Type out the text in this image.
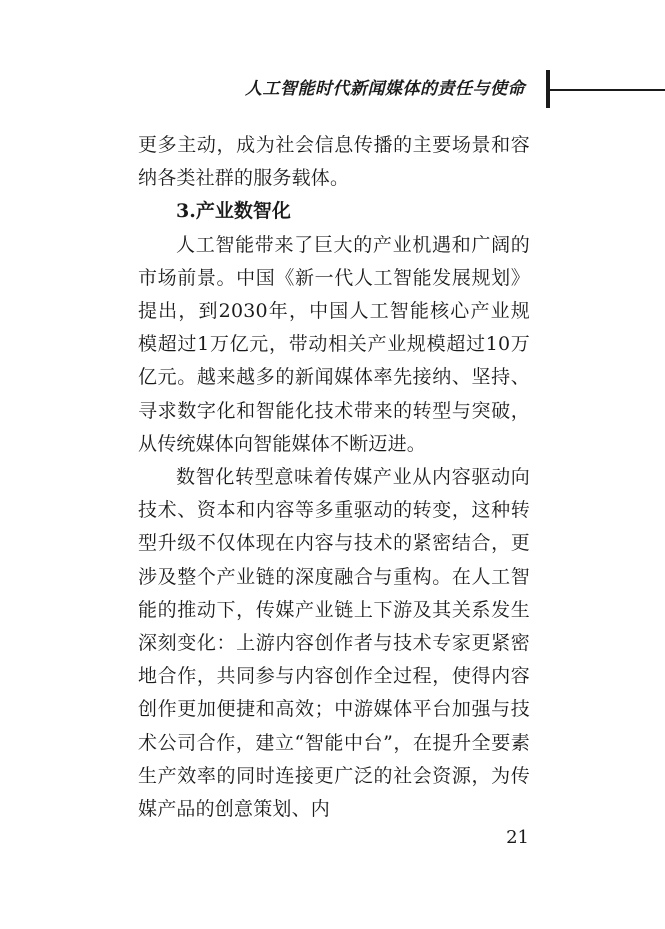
人工智能时代新闻媒体的责任与使命

更多主动，成为社会信息传播的主要场景和容纳各类社群的服务载体。

3.产业数智化

人工智能带来了巨大的产业机遇和广阔的市场前景。中国《新一代人工智能发展规划》提出，到2030年，中国人工智能核心产业规模超过1万亿元，带动相关产业规模超过10万亿元。越来越多的新闻媒体率先接纳、坚持、寻求数字化和智能化技术带来的转型与突破，从传统媒体向智能媒体不断迈进。

数智化转型意味着传媒产业从内容驱动向技术、资本和内容等多重驱动的转变，这种转型升级不仅体现在内容与技术的紧密结合，更涉及整个产业链的深度融合与重构。在人工智能的推动下，传媒产业链上下游及其关系发生深刻变化：上游内容创作者与技术专家更紧密地合作，共同参与内容创作全过程，使得内容创作更加便捷和高效；中游媒体平台加强与技术公司合作，建立“智能中台”，在提升全要素生产效率的同时连接更广泛的社会资源，为传媒产品的创意策划、内

21
